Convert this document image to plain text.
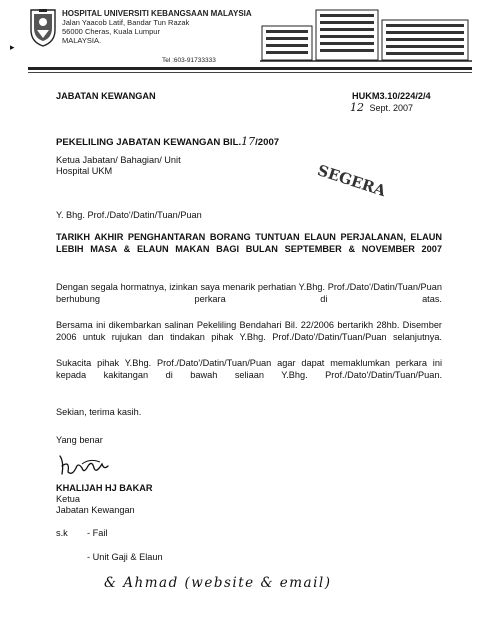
▸
HOSPITAL UNIVERSITI KEBANGSAAN MALAYSIA
Jalan Yaacob Latif, Bandar Tun Razak
56000 Cheras, Kuala Lumpur
MALAYSIA.
Tel :603-91733333
JABATAN KEWANGAN	HUKM3.10/224/2/4
12 Sept. 2007
PEKELILING JABATAN KEWANGAN BIL.17/2007
Ketua Jabatan/ Bahagian/ Unit
Hospital UKM	SEGERA
Y. Bhg. Prof./Dato'/Datin/Tuan/Puan
TARIKH AKHIR PENGHANTARAN BORANG TUNTUAN ELAUN PERJALANAN, ELAUN LEBIH MASA & ELAUN MAKAN BAGI BULAN SEPTEMBER & NOVEMBER 2007
Dengan segala hormatnya, izinkan saya menarik perhatian Y.Bhg. Prof./Dato'/Datin/Tuan/Puan berhubung perkara di atas.
Bersama ini dikembarkan salinan Pekeliling Bendahari Bil. 22/2006 bertarikh 28hb. Disember 2006 untuk rujukan dan tindakan pihak Y.Bhg. Prof./Dato'/Datin/Tuan/Puan selanjutnya.
Sukacita pihak Y.Bhg. Prof./Dato'/Datin/Tuan/Puan agar dapat memaklumkan perkara ini kepada kakitangan di bawah seliaan Y.Bhg. Prof./Dato'/Datin/Tuan/Puan.
Sekian, terima kasih.
Yang benar
KHALIJAH HJ BAKAR
Ketua
Jabatan Kewangan
s.k - Fail
- Unit Gaji & Elaun
& Ahmad (website & email)
